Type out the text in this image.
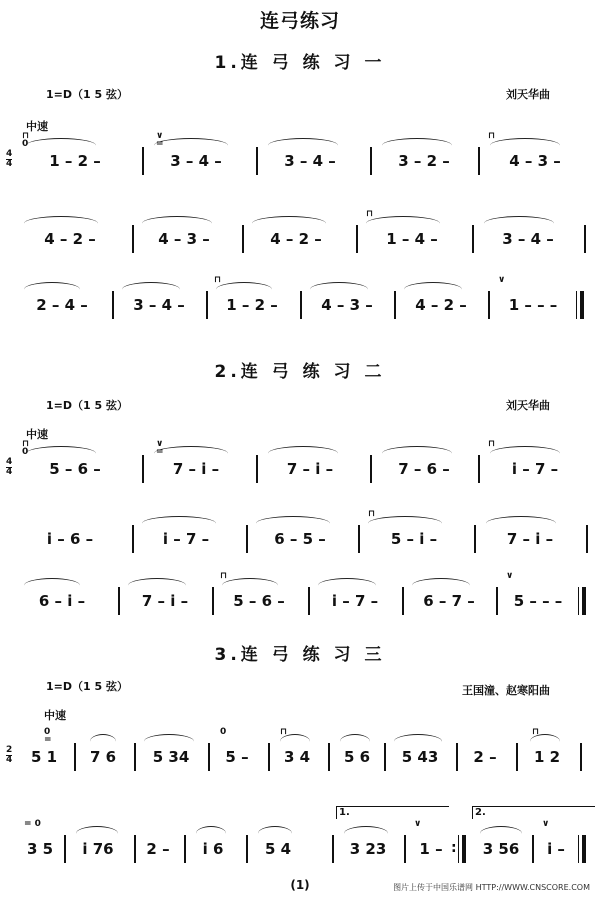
连弓练习
1.连 弓 练 习 一
1=D（1 5 弦）	刘天华曲
中速
4
4
⊓
0
1 – 2 –
∨
=
3 – 4 –	3 – 4 –	3 – 2 –
⊓
4 – 3 –
4 – 2 –	4 – 3 –	4 – 2 –
⊓
1 – 4 –	3 – 4 –
2 – 4 –	3 – 4 –
⊓
1 – 2 –	4 – 3 –	4 – 2 –
∨
1 – – –
2.连 弓 练 习 二
1=D（1 5 弦）	刘天华曲
中速
4
4
⊓
0
5 – 6 –
∨
=
7 – i –	7 – i –	7 – 6 –
⊓
i – 7 –
i – 6 –	i – 7 –	6 – 5 –
⊓
5 – i –	7 – i –
6 – i –	7 – i –
⊓
5 – 6 –	i – 7 –	6 – 7 –
∨
5 – – –
3.连 弓 练 习 三
1=D（1 5 弦）	王国潼、赵寒阳曲
中速
2
4
0
=
5 1	7 6	5 34
0
5 –
⊓
3 4	5 6	5 43	2 –
⊓
1 2
= 0
3 5	i 76	2 –	i 6	5 4
1.
3 23
∨
1 –
:
2.
3 56
∨
i –
(1)	图片上传于中国乐谱网 HTTP://WWW.CNSCORE.COM
